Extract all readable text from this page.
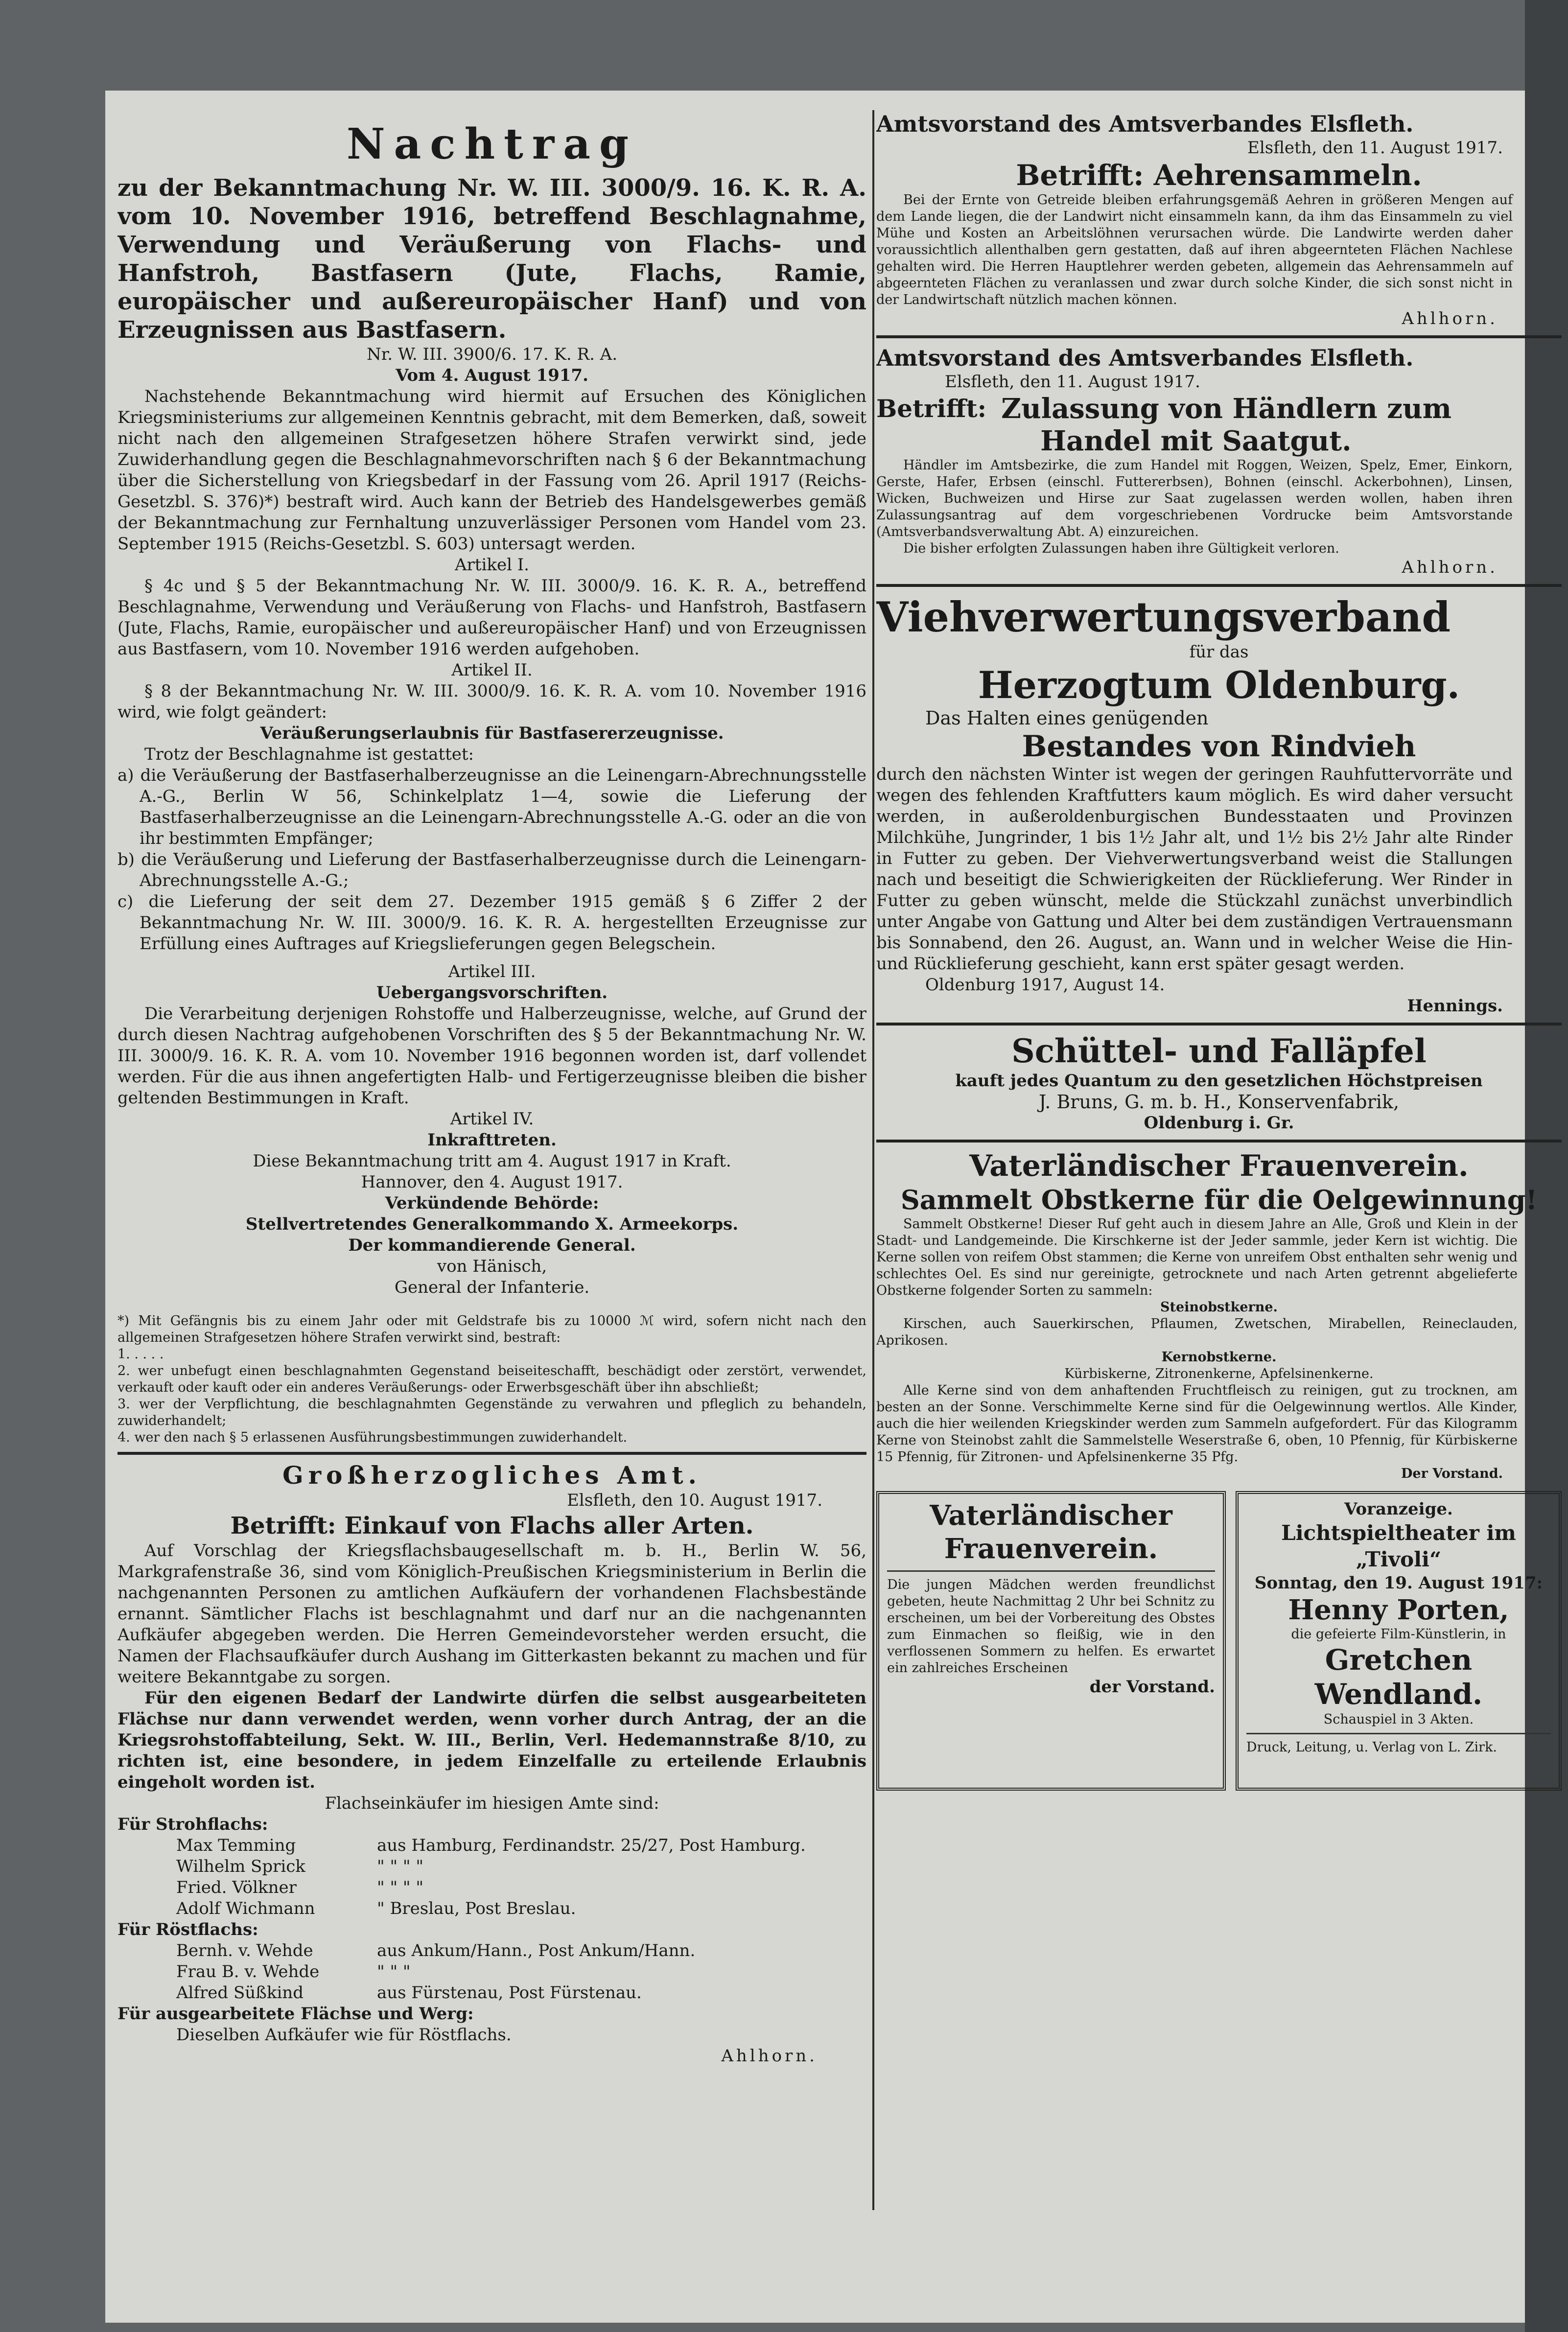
Nachtrag

zu der Bekanntmachung Nr. W. III. 3000/9. 16. K. R. A. vom 10. November 1916, betreffend Beschlagnahme, Verwendung und Veräußerung von Flachs- und Hanfstroh, Bastfasern (Jute, Flachs, Ramie, europäischer und außereuropäischer Hanf) und von Erzeugnissen aus Bastfasern.

Nr. W. III. 3900/6. 17. K. R. A.

Vom 4. August 1917.

Nachstehende Bekanntmachung wird hiermit auf Ersuchen des Königlichen Kriegsministeriums zur allgemeinen Kenntnis gebracht, mit dem Bemerken, daß, soweit nicht nach den allgemeinen Strafgesetzen höhere Strafen verwirkt sind, jede Zuwiderhandlung gegen die Beschlagnahmevorschriften nach § 6 der Bekanntmachung über die Sicherstellung von Kriegsbedarf in der Fassung vom 26. April 1917 (Reichs-Gesetzbl. S. 376)*) bestraft wird. Auch kann der Betrieb des Handelsgewerbes gemäß der Bekanntmachung zur Fernhaltung unzuverlässiger Personen vom Handel vom 23. September 1915 (Reichs-Gesetzbl. S. 603) untersagt werden.

Artikel I.

§ 4c und § 5 der Bekanntmachung Nr. W. III. 3000/9. 16. K. R. A., betreffend Beschlagnahme, Verwendung und Veräußerung von Flachs- und Hanfstroh, Bastfasern (Jute, Flachs, Ramie, europäischer und außereuropäischer Hanf) und von Erzeugnissen aus Bastfasern, vom 10. November 1916 werden aufgehoben.

Artikel II.

§ 8 der Bekanntmachung Nr. W. III. 3000/9. 16. K. R. A. vom 10. November 1916 wird, wie folgt geändert:

Veräußerungserlaubnis für Bastfasererzeugnisse.

Trotz der Beschlagnahme ist gestattet:

a) die Veräußerung der Bastfaserhalberzeugnisse an die Leinengarn-Abrechnungsstelle A.-G., Berlin W 56, Schinkelplatz 1—4, sowie die Lieferung der Bastfaserhalberzeugnisse an die Leinengarn-Abrechnungsstelle A.-G. oder an die von ihr bestimmten Empfänger;

b) die Veräußerung und Lieferung der Bastfaserhalberzeugnisse durch die Leinengarn-Abrechnungsstelle A.-G.;

c) die Lieferung der seit dem 27. Dezember 1915 gemäß § 6 Ziffer 2 der Bekanntmachung Nr. W. III. 3000/9. 16. K. R. A. hergestellten Erzeugnisse zur Erfüllung eines Auftrages auf Kriegslieferungen gegen Belegschein.

Artikel III.

Uebergangsvorschriften.

Die Verarbeitung derjenigen Rohstoffe und Halberzeugnisse, welche, auf Grund der durch diesen Nachtrag aufgehobenen Vorschriften des § 5 der Bekanntmachung Nr. W. III. 3000/9. 16. K. R. A. vom 10. November 1916 begonnen worden ist, darf vollendet werden. Für die aus ihnen angefertigten Halb- und Fertigerzeugnisse bleiben die bisher geltenden Bestimmungen in Kraft.

Artikel IV.

Inkrafttreten.

Diese Bekanntmachung tritt am 4. August 1917 in Kraft.

Hannover, den 4. August 1917.

Verkündende Behörde:

Stellvertretendes Generalkommando X. Armeekorps.

Der kommandierende General.

von Hänisch,

General der Infanterie.

*) Mit Gefängnis bis zu einem Jahr oder mit Geldstrafe bis zu 10000 ℳ wird, sofern nicht nach den allgemeinen Strafgesetzen höhere Strafen verwirkt sind, bestraft:

1. . . . .

2. wer unbefugt einen beschlagnahmten Gegenstand beiseiteschafft, beschädigt oder zerstört, verwendet, verkauft oder kauft oder ein anderes Veräußerungs- oder Erwerbsgeschäft über ihn abschließt;

3. wer der Verpflichtung, die beschlagnahmten Gegenstände zu verwahren und pfleglich zu behandeln, zuwiderhandelt;

4. wer den nach § 5 erlassenen Ausführungsbestimmungen zuwiderhandelt.

Großherzogliches Amt.

Elsfleth, den 10. August 1917.

Betrifft: Einkauf von Flachs aller Arten.

Auf Vorschlag der Kriegsflachsbaugesellschaft m. b. H., Berlin W. 56, Markgrafenstraße 36, sind vom Königlich-Preußischen Kriegsministerium in Berlin die nachgenannten Personen zu amtlichen Aufkäufern der vorhandenen Flachsbestände ernannt. Sämtlicher Flachs ist beschlagnahmt und darf nur an die nachgenannten Aufkäufer abgegeben werden. Die Herren Gemeindevorsteher werden ersucht, die Namen der Flachsaufkäufer durch Aushang im Gitterkasten bekannt zu machen und für weitere Bekanntgabe zu sorgen.

Für den eigenen Bedarf der Landwirte dürfen die selbst ausgearbeiteten Flächse nur dann verwendet werden, wenn vorher durch Antrag, der an die Kriegsrohstoffabteilung, Sekt. W. III., Berlin, Verl. Hedemannstraße 8/10, zu richten ist, eine besondere, in jedem Einzelfalle zu erteilende Erlaubnis eingeholt worden ist.

Flachseinkäufer im hiesigen Amte sind:

Für Strohflachs:

Max Temming	aus Hamburg, Ferdinandstr. 25/27, Post Hamburg.
Wilhelm Sprick	" " " "
Fried. Völkner	" " " "
Adolf Wichmann	" Breslau, Post Breslau.

Für Röstflachs:

Bernh. v. Wehde	aus Ankum/Hann., Post Ankum/Hann.
Frau B. v. Wehde	" " "
Alfred Süßkind	aus Fürstenau, Post Fürstenau.

Für ausgearbeitete Flächse und Werg:

Dieselben Aufkäufer wie für Röstflachs.

Ahlhorn.

Amtsvorstand des Amtsverbandes Elsfleth.

Elsfleth, den 11. August 1917.

Betrifft: Aehrensammeln.

Bei der Ernte von Getreide bleiben erfahrungsgemäß Aehren in größeren Mengen auf dem Lande liegen, die der Landwirt nicht einsammeln kann, da ihm das Einsammeln zu viel Mühe und Kosten an Arbeitslöhnen verursachen würde. Die Landwirte werden daher voraussichtlich allenthalben gern gestatten, daß auf ihren abgeernteten Flächen Nachlese gehalten wird. Die Herren Hauptlehrer werden gebeten, allgemein das Aehrensammeln auf abgeernteten Flächen zu veranlassen und zwar durch solche Kinder, die sich sonst nicht in der Landwirtschaft nützlich machen können.

Ahlhorn.

Amtsvorstand des Amtsverbandes Elsfleth.

Elsfleth, den 11. August 1917.

Betrifft: Zulassung von Händlern zum

Handel mit Saatgut.

Händler im Amtsbezirke, die zum Handel mit Roggen, Weizen, Spelz, Emer, Einkorn, Gerste, Hafer, Erbsen (einschl. Futtererbsen), Bohnen (einschl. Ackerbohnen), Linsen, Wicken, Buchweizen und Hirse zur Saat zugelassen werden wollen, haben ihren Zulassungsantrag auf dem vorgeschriebenen Vordrucke beim Amtsvorstande (Amtsverbandsverwaltung Abt. A) einzureichen.

Die bisher erfolgten Zulassungen haben ihre Gültigkeit verloren.

Ahlhorn.

Viehverwertungsverband

für das

Herzogtum Oldenburg.

Das Halten eines genügenden

Bestandes von Rindvieh

durch den nächsten Winter ist wegen der geringen Rauhfuttervorräte und wegen des fehlenden Kraftfutters kaum möglich. Es wird daher versucht werden, in außeroldenburgischen Bundesstaaten und Provinzen Milchkühe, Jungrinder, 1 bis 1½ Jahr alt, und 1½ bis 2½ Jahr alte Rinder in Futter zu geben. Der Viehverwertungsverband weist die Stallungen nach und beseitigt die Schwierigkeiten der Rücklieferung. Wer Rinder in Futter zu geben wünscht, melde die Stückzahl zunächst unverbindlich unter Angabe von Gattung und Alter bei dem zuständigen Vertrauensmann bis Sonnabend, den 26. August, an. Wann und in welcher Weise die Hin- und Rücklieferung geschieht, kann erst später gesagt werden.

Oldenburg 1917, August 14.

Hennings.

Schüttel- und Falläpfel

kauft jedes Quantum zu den gesetzlichen Höchstpreisen

J. Bruns, G. m. b. H., Konservenfabrik,

Oldenburg i. Gr.

Vaterländischer Frauenverein.
Sammelt Obstkerne für die Oelgewinnung!

Sammelt Obstkerne! Dieser Ruf geht auch in diesem Jahre an Alle, Groß und Klein in der Stadt- und Landgemeinde. Die Kirschkerne ist der Jeder sammle, jeder Kern ist wichtig. Die Kerne sollen von reifem Obst stammen; die Kerne von unreifem Obst enthalten sehr wenig und schlechtes Oel. Es sind nur gereinigte, getrocknete und nach Arten getrennt abgelieferte Obstkerne folgender Sorten zu sammeln:

Steinobstkerne.

Kirschen, auch Sauerkirschen, Pflaumen, Zwetschen, Mirabellen, Reineclauden, Aprikosen.

Kernobstkerne.

Kürbiskerne, Zitronenkerne, Apfelsinenkerne.

Alle Kerne sind von dem anhaftenden Fruchtfleisch zu reinigen, gut zu trocknen, am besten an der Sonne. Verschimmelte Kerne sind für die Oelgewinnung wertlos. Alle Kinder, auch die hier weilenden Kriegskinder werden zum Sammeln aufgefordert. Für das Kilogramm Kerne von Steinobst zahlt die Sammelstelle Weserstraße 6, oben, 10 Pfennig, für Kürbiskerne 15 Pfennig, für Zitronen- und Apfelsinenkerne 35 Pfg.

Der Vorstand.

Vaterländischer
Frauenverein.

Die jungen Mädchen werden freundlichst gebeten, heute Nachmittag 2 Uhr bei Schnitz zu erscheinen, um bei der Vorbereitung des Obstes zum Einmachen so fleißig, wie in den verflossenen Sommern zu helfen. Es erwartet ein zahlreiches Erscheinen

der Vorstand.

Voranzeige.

Lichtspieltheater im „Tivoli“

Sonntag, den 19. August 1917:

Henny Porten,

die gefeierte Film-Künstlerin, in

Gretchen Wendland.

Schauspiel in 3 Akten.

Druck, Leitung, u. Verlag von L. Zirk.
